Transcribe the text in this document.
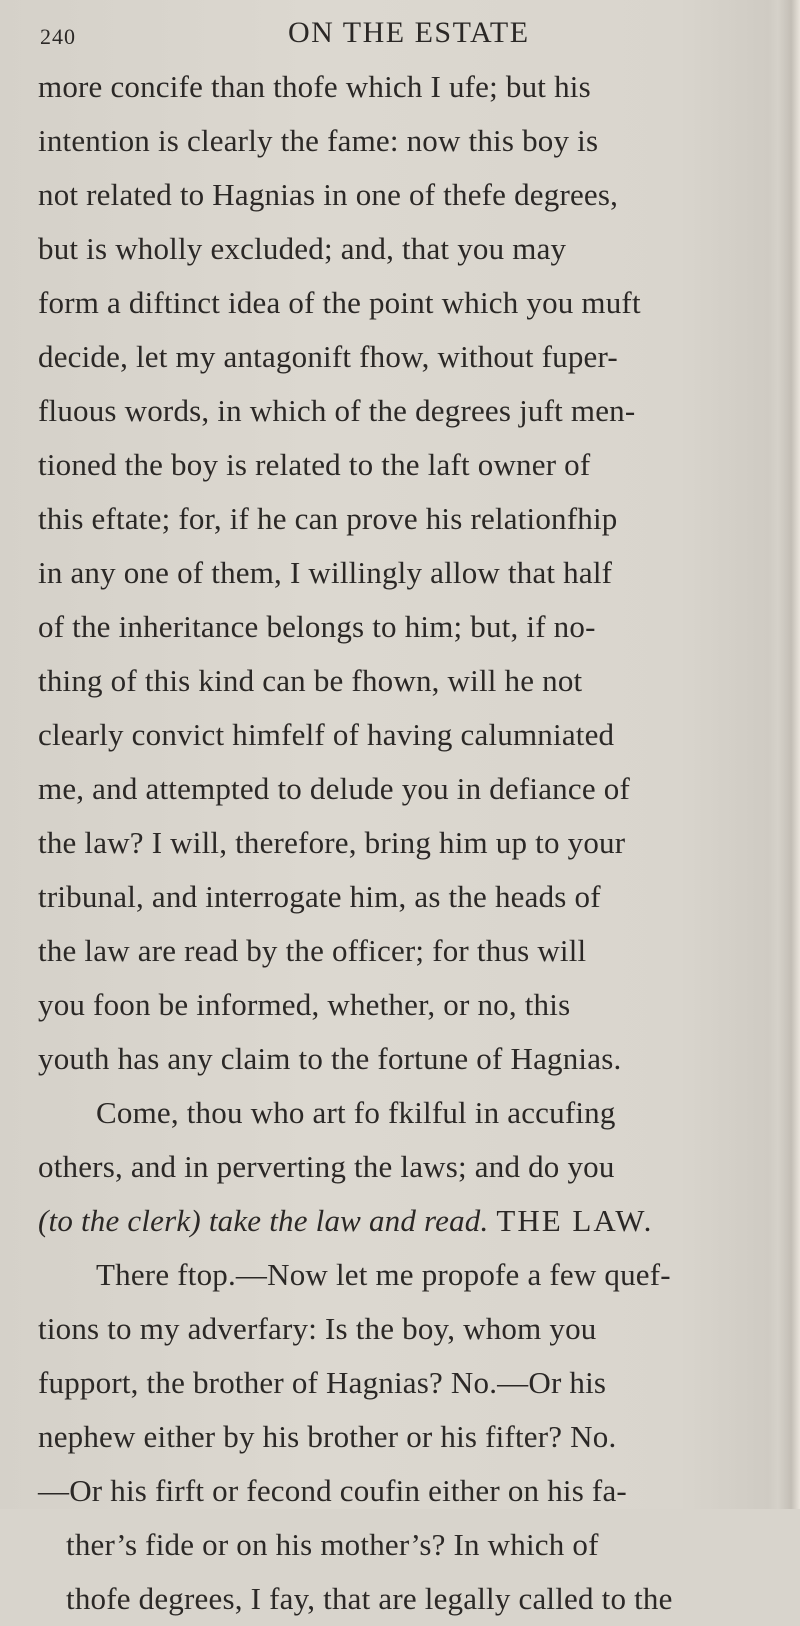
240	ON THE ESTATE
more concife than thofe which I ufe; but his
intention is clearly the fame: now this boy is
not related to Hagnias in one of thefe degrees,
but is wholly excluded; and, that you may
form a diftinct idea of the point which you muft
decide, let my antagonift fhow, without fuper-
fluous words, in which of the degrees juft men-
tioned the boy is related to the laft owner of
this eftate; for, if he can prove his relationfhip
in any one of them, I willingly allow that half
of the inheritance belongs to him; but, if no-
thing of this kind can be fhown, will he not
clearly convict himfelf of having calumniated
me, and attempted to delude you in defiance of
the law? I will, therefore, bring him up to your
tribunal, and interrogate him, as the heads of
the law are read by the officer; for thus will
you foon be informed, whether, or no, this
youth has any claim to the fortune of Hagnias.
Come, thou who art fo fkilful in accufing
others, and in perverting the laws; and do you
(to the clerk) take the law and read. THE LAW.
There ftop.—Now let me propofe a few quef-
tions to my adverfary: Is the boy, whom you
fupport, the brother of Hagnias? No.—Or his
nephew either by his brother or his fifter? No.
—Or his firft or fecond coufin either on his fa-
ther’s fide or on his mother’s? In which of
thofe degrees, I fay, that are legally called to the
